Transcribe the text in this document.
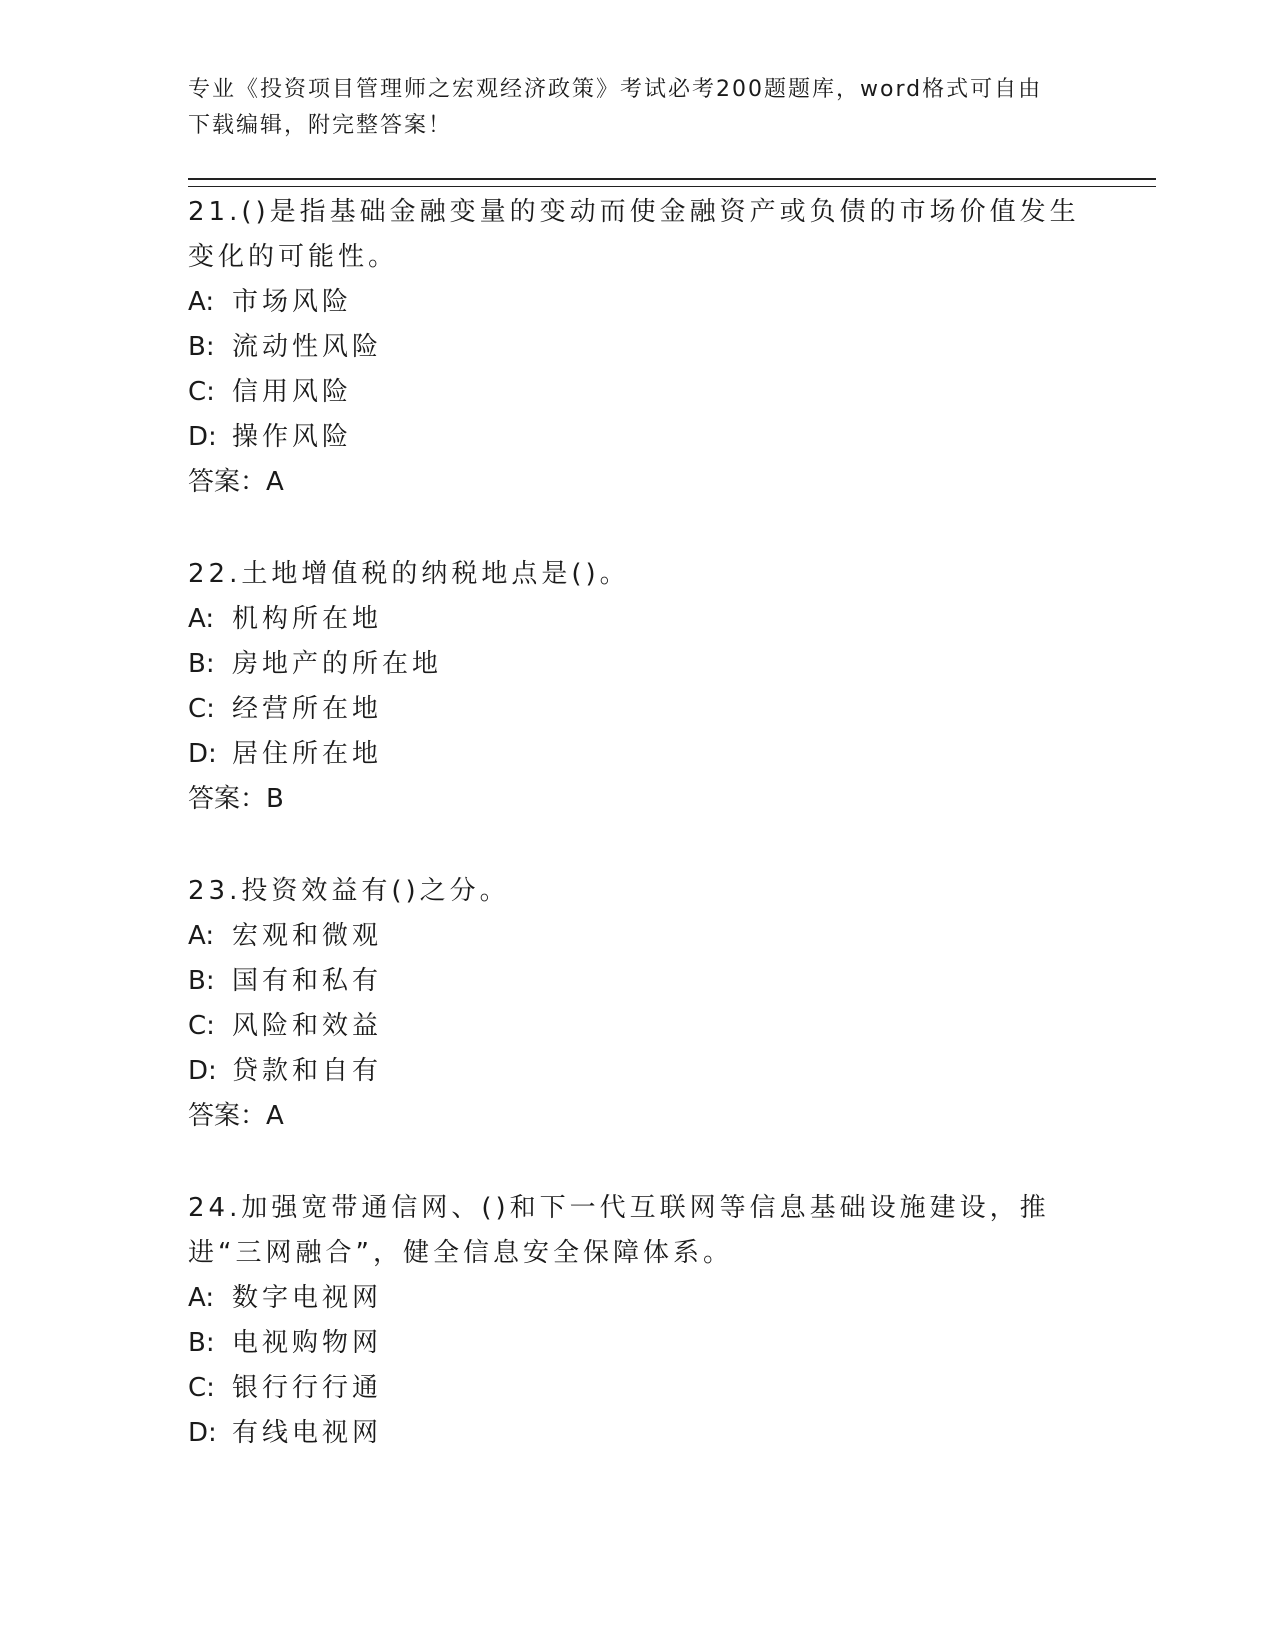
专业《投资项目管理师之宏观经济政策》考试必考200题题库，word格式可自由
下载编辑，附完整答案！
21.()是指基础金融变量的变动而使金融资产或负债的市场价值发生变化的可能性。
A: 市场风险
B: 流动性风险
C: 信用风险
D: 操作风险
答案：A
22.土地增值税的纳税地点是()。
A: 机构所在地
B: 房地产的所在地
C: 经营所在地
D: 居住所在地
答案：B
23.投资效益有()之分。
A: 宏观和微观
B: 国有和私有
C: 风险和效益
D: 贷款和自有
答案：A
24.加强宽带通信网、()和下一代互联网等信息基础设施建设，推进“三网融合”，健全信息安全保障体系。
A: 数字电视网
B: 电视购物网
C: 银行行行通
D: 有线电视网
